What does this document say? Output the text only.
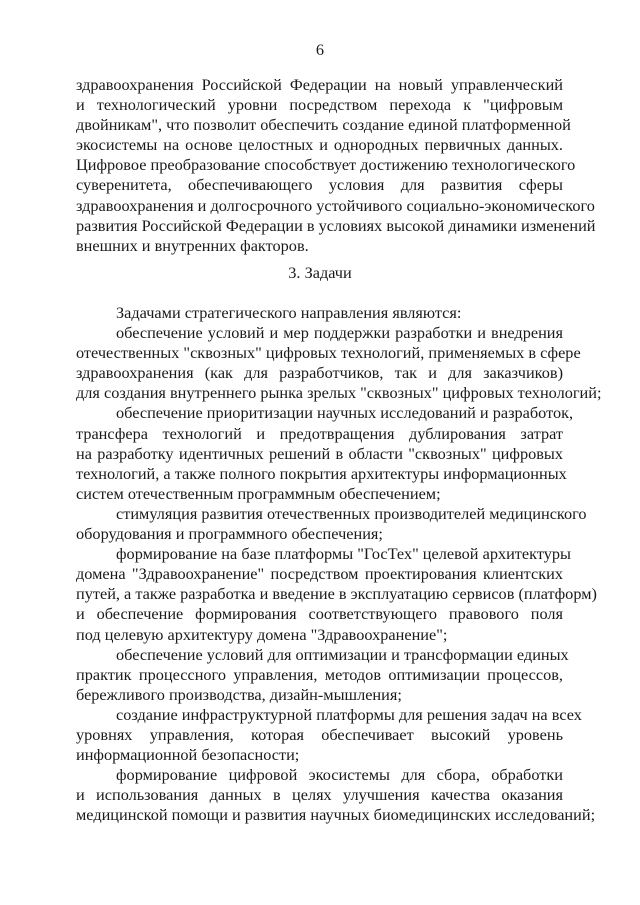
6
здравоохранения Российской Федерации на новый управленческий
и технологический уровни посредством перехода к "цифровым
двойникам", что позволит обеспечить создание единой платформенной
экосистемы на основе целостных и однородных первичных данных.
Цифровое преобразование способствует достижению технологического
суверенитета, обеспечивающего условия для развития сферы
здравоохранения и долгосрочного устойчивого социально-экономического
развития Российской Федерации в условиях высокой динамики изменений
внешних и внутренних факторов.
3. Задачи
Задачами стратегического направления являются:
обеспечение условий и мер поддержки разработки и внедрения
отечественных "сквозных" цифровых технологий, применяемых в сфере
здравоохранения (как для разработчиков, так и для заказчиков)
для создания внутреннего рынка зрелых "сквозных" цифровых технологий;
обеспечение приоритизации научных исследований и разработок,
трансфера технологий и предотвращения дублирования затрат
на разработку идентичных решений в области "сквозных" цифровых
технологий, а также полного покрытия архитектуры информационных
систем отечественным программным обеспечением;
стимуляция развития отечественных производителей медицинского
оборудования и программного обеспечения;
формирование на базе платформы "ГосТех" целевой архитектуры
домена "Здравоохранение" посредством проектирования клиентских
путей, а также разработка и введение в эксплуатацию сервисов (платформ)
и обеспечение формирования соответствующего правового поля
под целевую архитектуру домена "Здравоохранение";
обеспечение условий для оптимизации и трансформации единых
практик процессного управления, методов оптимизации процессов,
бережливого производства, дизайн-мышления;
создание инфраструктурной платформы для решения задач на всех
уровнях управления, которая обеспечивает высокий уровень
информационной безопасности;
формирование цифровой экосистемы для сбора, обработки
и использования данных в целях улучшения качества оказания
медицинской помощи и развития научных биомедицинских исследований;
